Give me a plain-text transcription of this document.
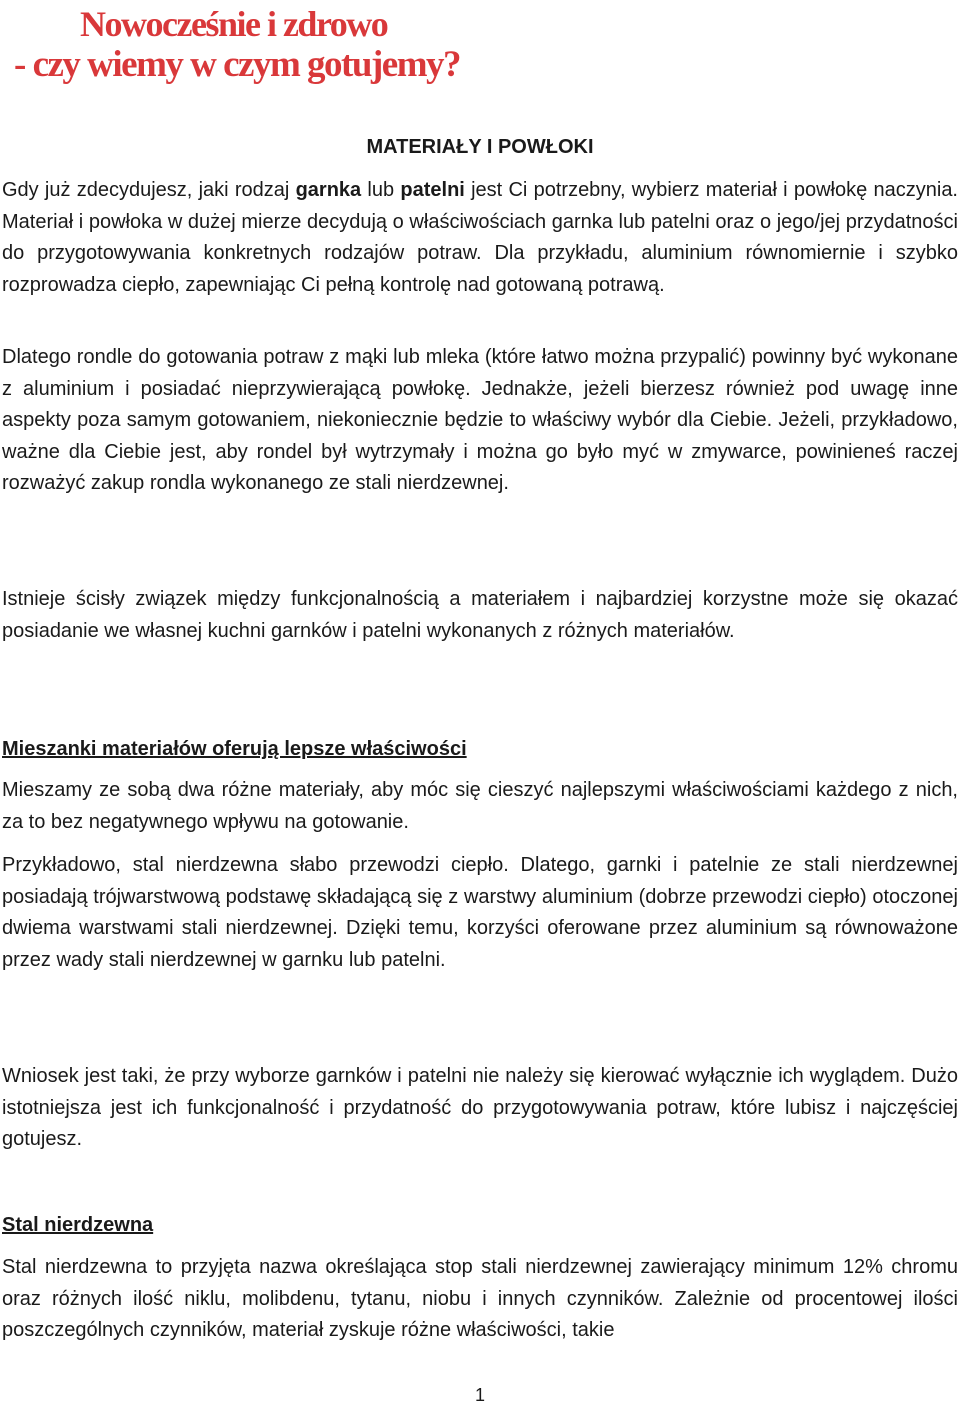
Nowocześnie i zdrowo
- czy wiemy w czym gotujemy?
MATERIAŁY I POWŁOKI

Gdy już zdecydujesz, jaki rodzaj garnka lub patelni jest Ci potrzebny, wybierz materiał i powłokę naczynia. Materiał i powłoka w dużej mierze decydują o właściwościach garnka lub patelni oraz o jego/jej przydatności do przygotowywania konkretnych rodzajów potraw. Dla przykładu, aluminium równomiernie i szybko rozprowadza ciepło, zapewniając Ci pełną kontrolę nad gotowaną potrawą.

Dlatego rondle do gotowania potraw z mąki lub mleka (które łatwo można przypalić) powinny być wykonane z aluminium i posiadać nieprzywierającą powłokę. Jednakże, jeżeli bierzesz również pod uwagę inne aspekty poza samym gotowaniem, niekoniecznie będzie to właściwy wybór dla Ciebie. Jeżeli, przykładowo, ważne dla Ciebie jest, aby rondel był wytrzymały i można go było myć w zmywarce, powinieneś raczej rozważyć zakup rondla wykonanego ze stali nierdzewnej.

Istnieje ścisły związek między funkcjonalnością a materiałem i najbardziej korzystne może się okazać posiadanie we własnej kuchni garnków i patelni wykonanych z różnych materiałów.

Mieszanki materiałów oferują lepsze właściwości

Mieszamy ze sobą dwa różne materiały, aby móc się cieszyć najlepszymi właściwościami każdego z nich, za to bez negatywnego wpływu na gotowanie.

Przykładowo, stal nierdzewna słabo przewodzi ciepło. Dlatego, garnki i patelnie ze stali nierdzewnej posiadają trójwarstwową podstawę składającą się z warstwy aluminium (dobrze przewodzi ciepło) otoczonej dwiema warstwami stali nierdzewnej. Dzięki temu, korzyści oferowane przez aluminium są równoważone przez wady stali nierdzewnej w garnku lub patelni.

Wniosek jest taki, że przy wyborze garnków i patelni nie należy się kierować wyłącznie ich wyglądem. Dużo istotniejsza jest ich funkcjonalność i przydatność do przygotowywania potraw, które lubisz i najczęściej gotujesz.

Stal nierdzewna

Stal nierdzewna to przyjęta nazwa określająca stop stali nierdzewnej zawierający minimum 12% chromu oraz różnych ilość niklu, molibdenu, tytanu, niobu i innych czynników. Zależnie od procentowej ilości poszczególnych czynników, materiał zyskuje różne właściwości, takie

1
